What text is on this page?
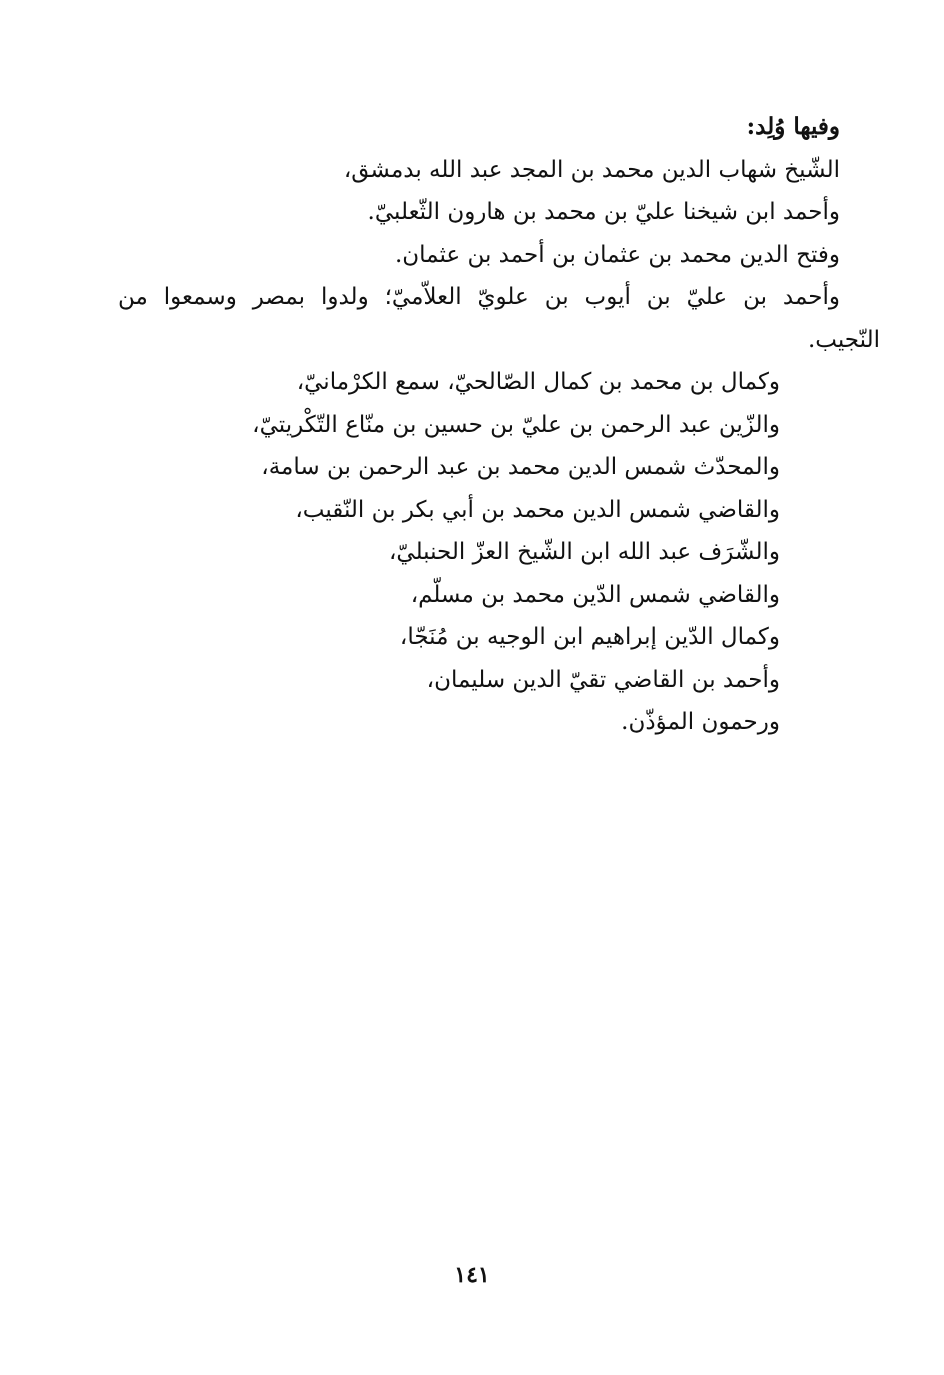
وفيها وُلِد:
الشّيخ شهاب الدين محمد بن المجد عبد الله بدمشق،
وأحمد ابن شيخنا عليّ بن محمد بن هارون الثّعلبيّ.
وفتح الدين محمد بن عثمان بن أحمد بن عثمان.
وأحمد بن عليّ بن أيوب بن علويّ العلاّميّ؛ ولدوا بمصر وسمعوا من
النّجيب.
وكمال بن محمد بن كمال الصّالحيّ، سمع الكرْمانيّ،
والزّين عبد الرحمن بن عليّ بن حسين بن منّاع التّكْريتيّ،
والمحدّث شمس الدين محمد بن عبد الرحمن بن سامة،
والقاضي شمس الدين محمد بن أبي بكر بن النّقيب،
والشّرَف عبد الله ابن الشّيخ العزّ الحنبليّ،
والقاضي شمس الدّين محمد بن مسلّم،
وكمال الدّين إبراهيم ابن الوجيه بن مُنَجّا،
وأحمد بن القاضي تقيّ الدين سليمان،
ورحمون المؤذّن.
١٤١
